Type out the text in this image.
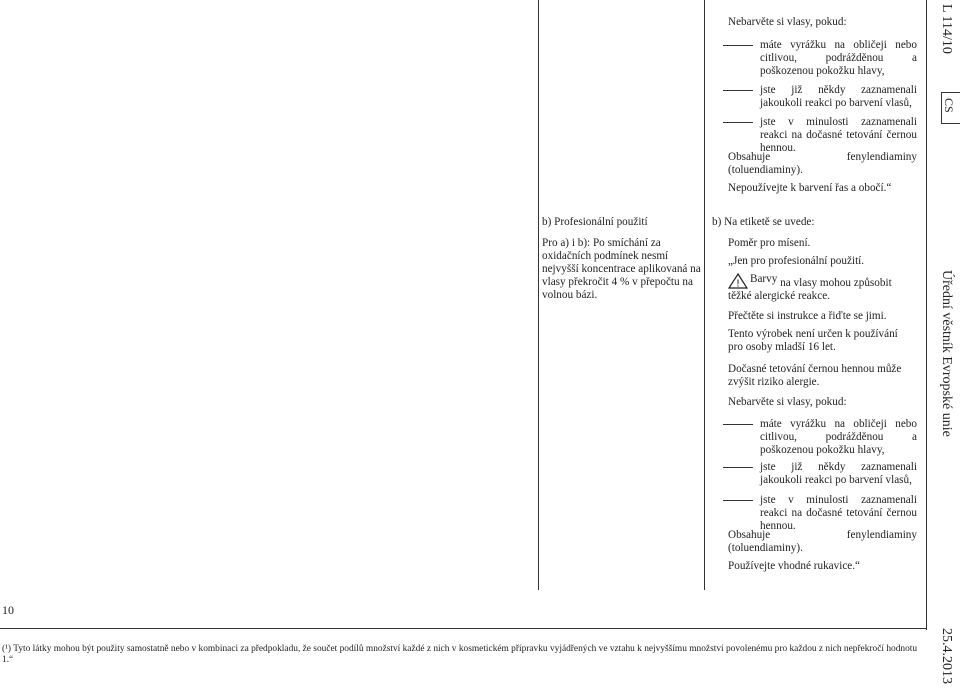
Nebarvěte si vlasy, pokud:
máte vyrážku na obličeji nebo citlivou, podrážděnou a poškozenou pokožku hlavy,
jste již někdy zaznamenali jakoukoli reakci po barvení vlasů,
jste v minulosti zaznamenali reakci na dočasné tetování černou hennou.
Obsahuje fenylendiaminy (toluendiaminy).
Nepoužívejte k barvení řas a obočí.“
b) Profesionální použití
Pro a) i b): Po smíchání za oxidačních podmínek nesmí nejvyšší koncentrace aplikovaná na vlasy překročit 4 % v přepočtu na volnou bázi.
b) Na etiketě se uvede:
Poměr pro mísení.
„Jen pro profesionální použití.
! Barvy na vlasy mohou způsobit těžké alergické reakce.
Přečtěte si instrukce a řiďte se jimi.
Tento výrobek není určen k používání pro osoby mladší 16 let.
Dočasné tetování černou hennou může zvýšit riziko alergie.
Nebarvěte si vlasy, pokud:
máte vyrážku na obličeji nebo citlivou, podrážděnou a poškozenou pokožku hlavy,
jste již někdy zaznamenali jakoukoli reakci po barvení vlasů,
jste v minulosti zaznamenali reakci na dočasné tetování černou hennou.
Obsahuje fenylendiaminy (toluendiaminy).
Používejte vhodné rukavice.“
10
(¹) Tyto látky mohou být použity samostatně nebo v kombinaci za předpokladu, že součet podílů množství každé z nich v kosmetickém přípravku vyjádřených ve vztahu k nejvyššímu množství povolenému pro každou z nich nepřekročí hodnotu 1.“
L 114/10
CS
Úřední věstník Evropské unie
25.4.2013
